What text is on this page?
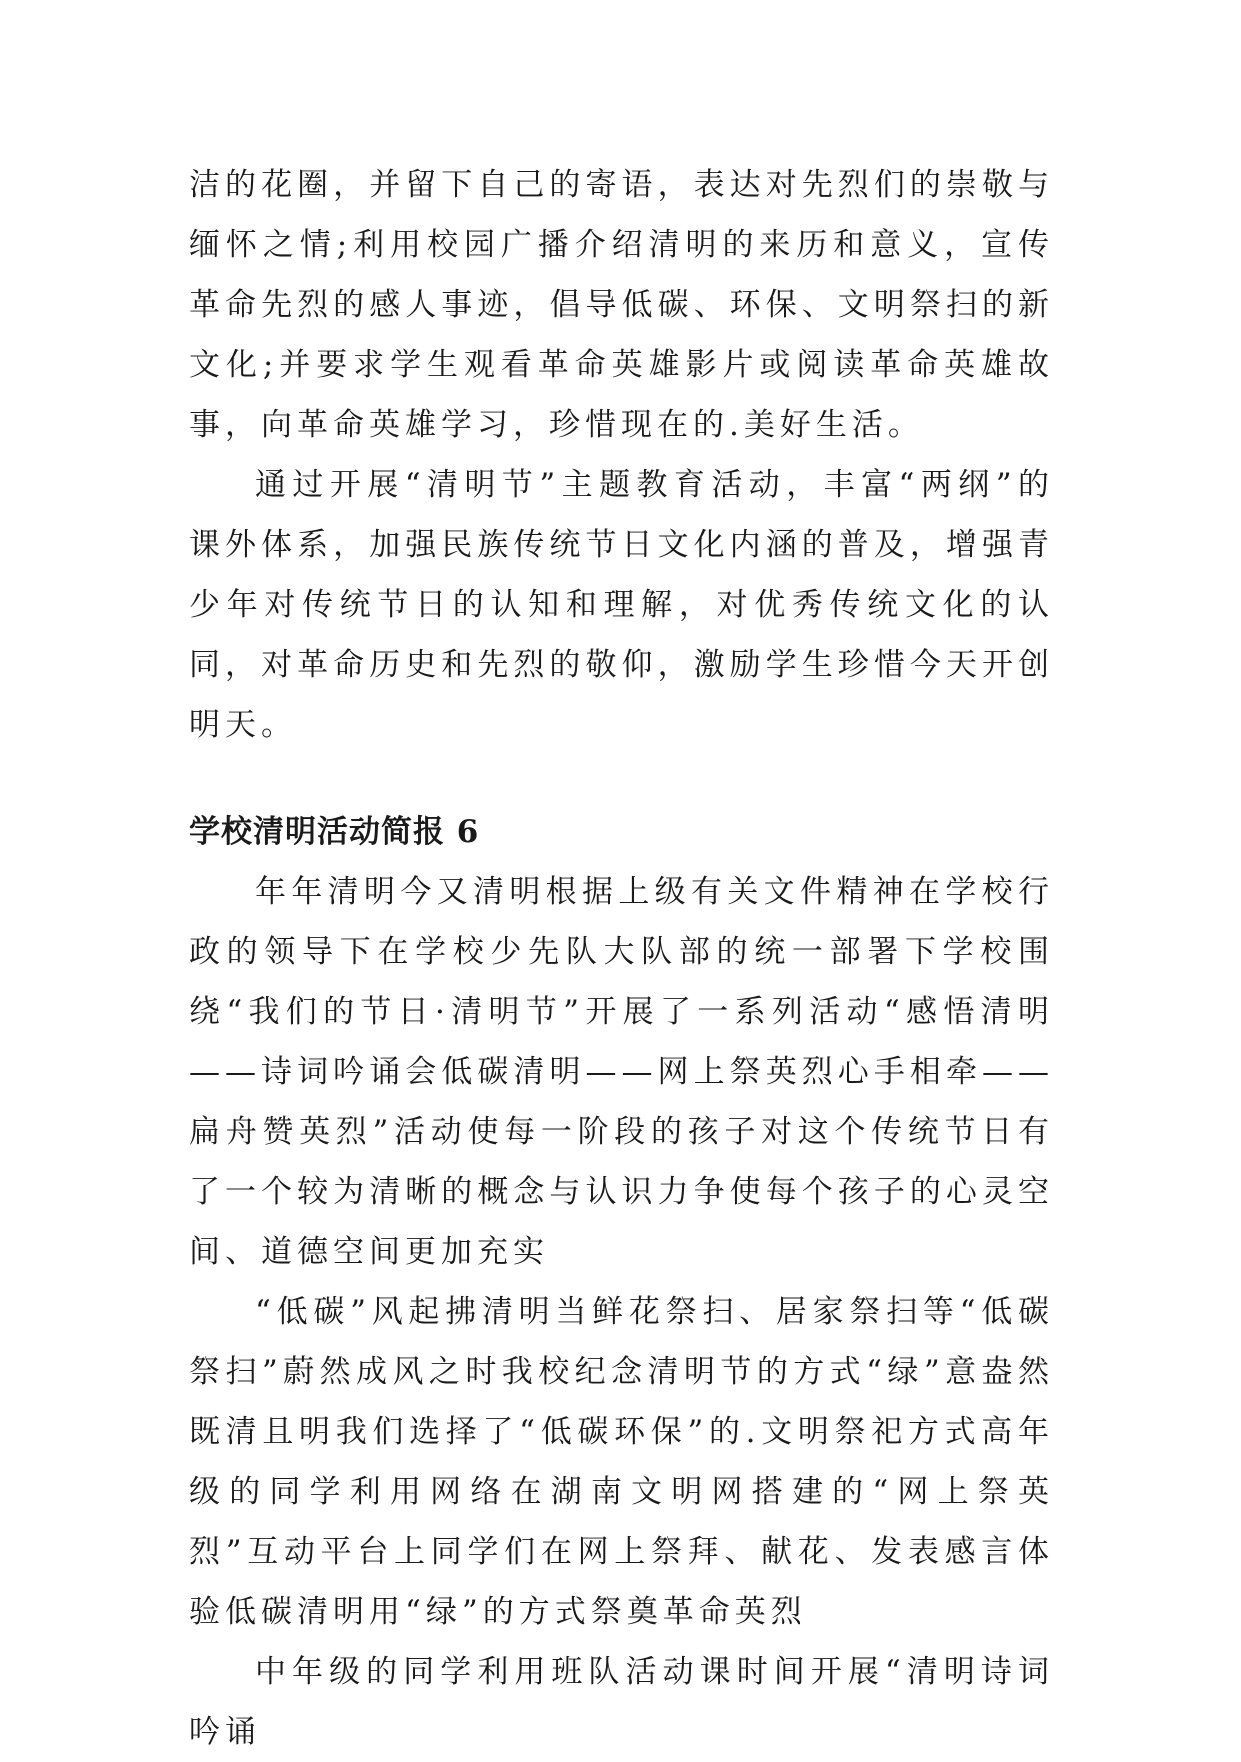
洁的花圈，并留下自己的寄语，表达对先烈们的崇敬与缅怀之情;利用校园广播介绍清明的来历和意义，宣传革命先烈的感人事迹，倡导低碳、环保、文明祭扫的新文化;并要求学生观看革命英雄影片或阅读革命英雄故事，向革命英雄学习，珍惜现在的.美好生活。

通过开展“清明节”主题教育活动，丰富“两纲”的课外体系，加强民族传统节日文化内涵的普及，增强青少年对传统节日的认知和理解，对优秀传统文化的认同，对革命历史和先烈的敬仰，激励学生珍惜今天开创明天。

学校清明活动简报 6

年年清明今又清明根据上级有关文件精神在学校行政的领导下在学校少先队大队部的统一部署下学校围绕“我们的节日·清明节”开展了一系列活动“感悟清明——诗词吟诵会低碳清明——网上祭英烈心手相牵——扁舟赞英烈”活动使每一阶段的孩子对这个传统节日有了一个较为清晰的概念与认识力争使每个孩子的心灵空间、道德空间更加充实

“低碳”风起拂清明当鲜花祭扫、居家祭扫等“低碳祭扫”蔚然成风之时我校纪念清明节的方式“绿”意盎然既清且明我们选择了“低碳环保”的.文明祭祀方式高年级的同学利用网络在湖南文明网搭建的“网上祭英烈”互动平台上同学们在网上祭拜、献花、发表感言体验低碳清明用“绿”的方式祭奠革命英烈

中年级的同学利用班队活动课时间开展“清明诗词吟诵
